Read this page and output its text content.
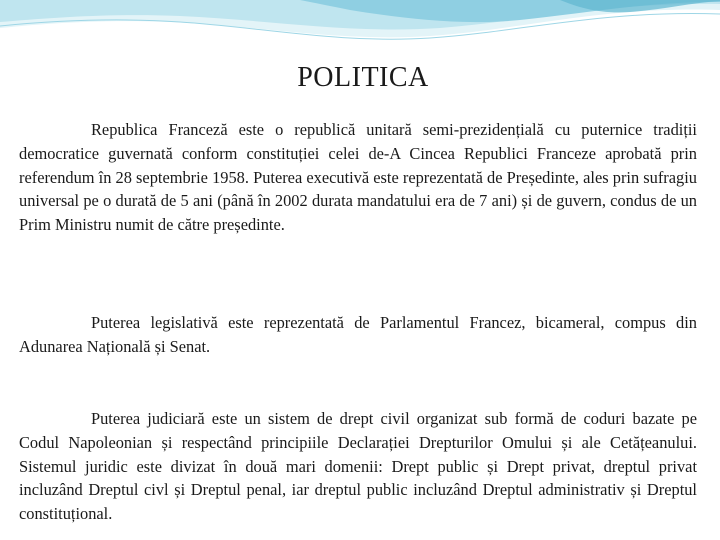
POLITICA

Republica Franceză este o republică unitară semi-prezidențială cu puternice tradiții democratice guvernată conform constituției celei de-A Cincea Republici Franceze aprobată prin referendum în 28 septembrie 1958. Puterea executivă este reprezentată de Președinte, ales prin sufragiu universal pe o durată de 5 ani (până în 2002 durata mandatului era de 7 ani) și de guvern, condus de un Prim Ministru numit de către președinte.

Puterea legislativă este reprezentată de Parlamentul Francez, bicameral, compus din Adunarea Națională și Senat.

Puterea judiciară este un sistem de drept civil organizat sub formă de coduri bazate pe Codul Napoleonian și respectând principiile Declarației Drepturilor Omului și ale Cetățeanului. Sistemul juridic este divizat în două mari domenii: Drept public și Drept privat, dreptul privat incluzând Dreptul civl și Dreptul penal, iar dreptul public incluzând Dreptul administrativ și Dreptul constituțional.
